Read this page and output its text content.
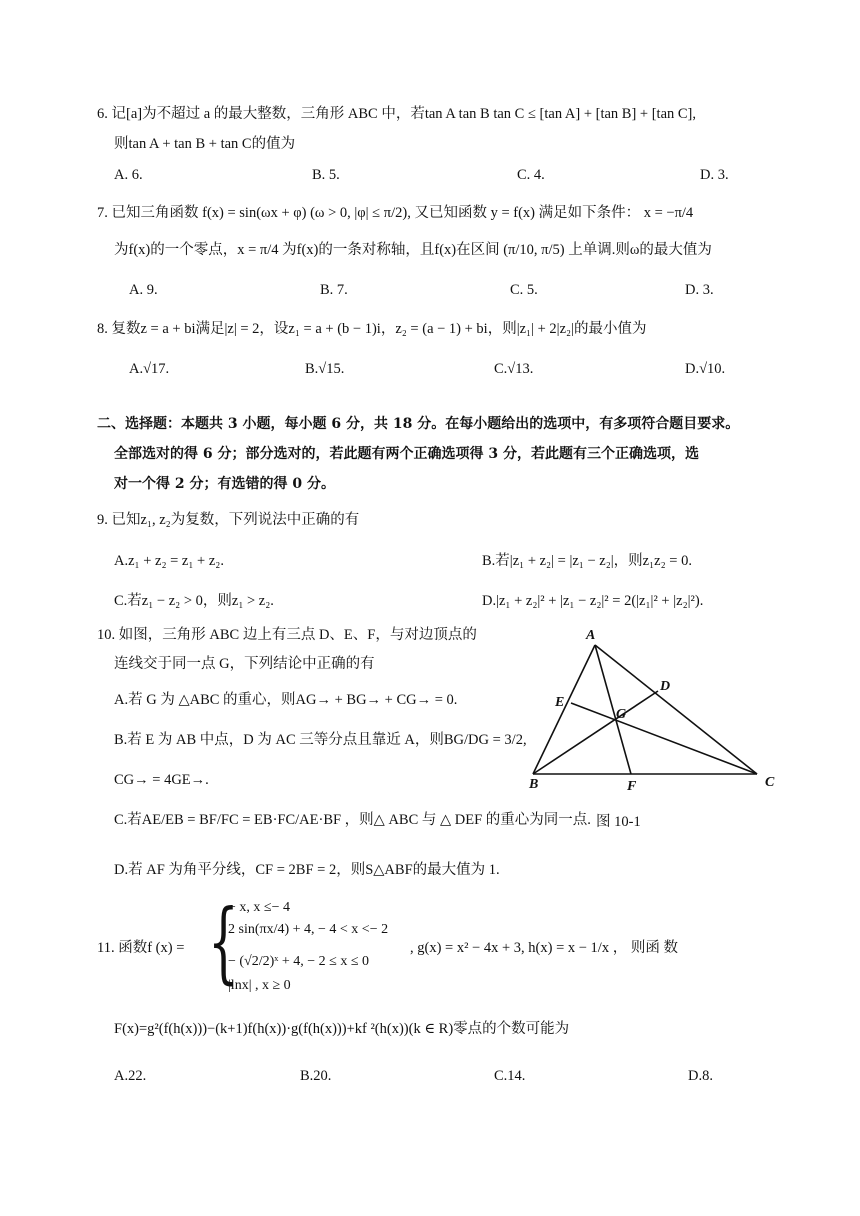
6. 记[a]为不超过 a 的最大整数，三角形 ABC 中，若tan A tan B tan C ≤ [tan A] + [tan B] + [tan C],
则tan A + tan B + tan C的值为
A. 6.	B. 5.	C. 4.	D. 3.
7. 已知三角函数 f(x) = sin(ωx + φ) (ω > 0, |φ| ≤ π/2), 又已知函数 y = f(x) 满足如下条件： x = −π/4
为f(x)的一个零点，x = π/4 为f(x)的一条对称轴，且f(x)在区间 (π/10, π/5) 上单调.则ω的最大值为
A. 9.	B. 7.	C. 5.	D. 3.
8. 复数z = a + bi满足|z| = 2，设z₁ = a + (b − 1)i，z₂ = (a − 1) + bi，则|z₁| + 2|z₂|的最小值为
A.√17.	B.√15.	C.√13.	D.√10.
二、选择题：本题共 3 小题，每小题 6 分，共 18 分。在每小题给出的选项中，有多项符合题目要求。
全部选对的得 6 分；部分选对的，若此题有两个正确选项得 3 分，若此题有三个正确选项，选
对一个得 2 分；有选错的得 0 分。
9. 已知z₁, z₂为复数，下列说法中正确的有
A.z₁ + z₂ = z₁ + z₂.	B.若|z₁ + z₂| = |z₁ − z₂|，则z₁z₂ = 0.
C.若z₁ − z₂ > 0，则z₁ > z₂.	D.|z₁ + z₂|² + |z₁ − z₂|² = 2(|z₁|² + |z₂|²).
10. 如图，三角形 ABC 边上有三点 D、E、F，与对边顶点的
连线交于同一点 G，下列结论中正确的有
A.若 G 为 △ABC 的重心，则AG→ + BG→ + CG→ = 0.
B.若 E 为 AB 中点，D 为 AC 三等分点且靠近 A，则BG/DG = 3/2,
CG→ = 4GE→.
C.若AE/EB = BF/FC = EB·FC/AE·BF ，则△ ABC 与 △ DEF 的重心为同一点.
D.若 AF 为角平分线，CF = 2BF = 2，则S△ABF的最大值为 1.
A
B	C
D
E
F
G
图 10-1
11. 函数f (x) = {
− x, x ≤− 4
2 sin(πx/4) + 4, − 4 < x <− 2
− (√2/2)ˣ + 4, − 2 ≤ x ≤ 0
|lnx| , x ≥ 0
, g(x) = x² − 4x + 3, h(x) = x − 1/x ， 则函 数
F(x)=g²(f(h(x)))−(k+1)f(h(x))·g(f(h(x)))+kf ²(h(x))(k ∈ R)零点的个数可能为
A.22.	B.20.	C.14.	D.8.
